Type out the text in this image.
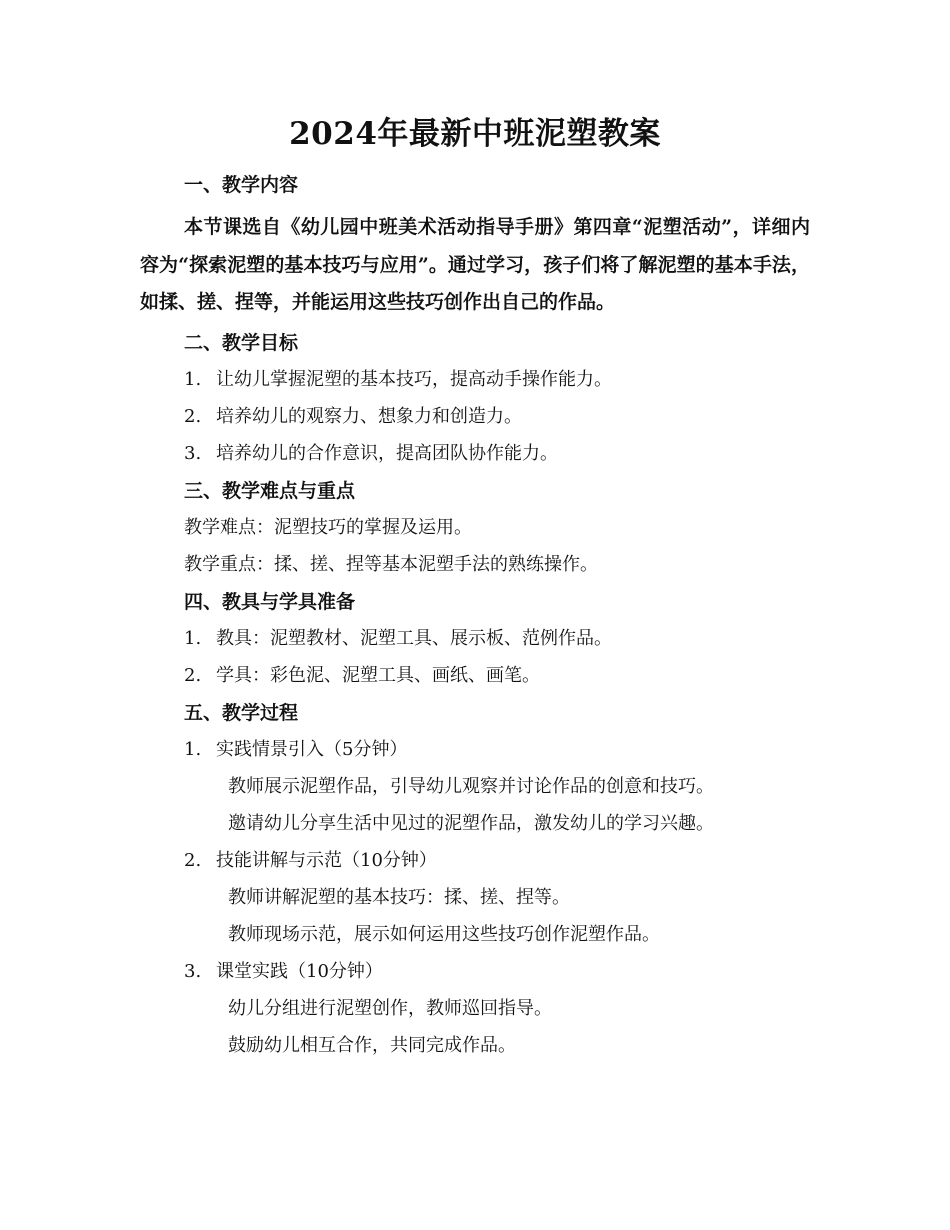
2024年最新中班泥塑教案
一、教学内容
本节课选自《幼儿园中班美术活动指导手册》第四章“泥塑活动”，详细内容为“探索泥塑的基本技巧与应用”。通过学习，孩子们将了解泥塑的基本手法，如揉、搓、捏等，并能运用这些技巧创作出自己的作品。
二、教学目标
1. 让幼儿掌握泥塑的基本技巧，提高动手操作能力。
2. 培养幼儿的观察力、想象力和创造力。
3. 培养幼儿的合作意识，提高团队协作能力。
三、教学难点与重点
教学难点：泥塑技巧的掌握及运用。
教学重点：揉、搓、捏等基本泥塑手法的熟练操作。
四、教具与学具准备
1. 教具：泥塑教材、泥塑工具、展示板、范例作品。
2. 学具：彩色泥、泥塑工具、画纸、画笔。
五、教学过程
1. 实践情景引入（5分钟）
教师展示泥塑作品，引导幼儿观察并讨论作品的创意和技巧。
邀请幼儿分享生活中见过的泥塑作品，激发幼儿的学习兴趣。
2. 技能讲解与示范（10分钟）
教师讲解泥塑的基本技巧：揉、搓、捏等。
教师现场示范，展示如何运用这些技巧创作泥塑作品。
3. 课堂实践（10分钟）
幼儿分组进行泥塑创作，教师巡回指导。
鼓励幼儿相互合作，共同完成作品。
